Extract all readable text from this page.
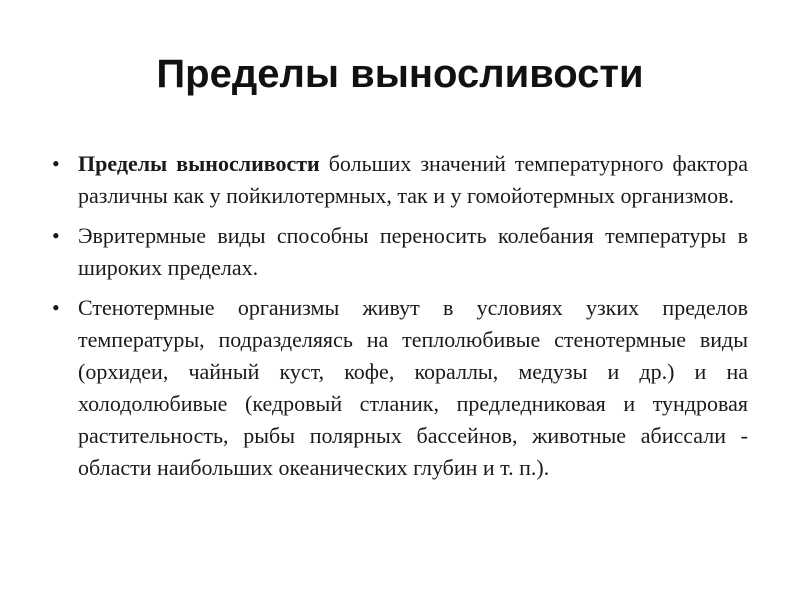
Пределы выносливости
• Пределы выносливости больших значений температурного фактора различны как у пойкилотермных, так и у гомойотермных организмов.
• Эвритермные виды способны переносить колебания температуры в широких пределах.
• Стенотермные организмы живут в условиях узких пределов температуры, подразделяясь на теплолюбивые стенотермные виды (орхидеи, чайный куст, кофе, кораллы, медузы и др.) и на холодолюбивые (кедровый стланик, предледниковая и тундровая растительность, рыбы полярных бассейнов, животные абиссали - области наибольших океанических глубин и т. п.).
